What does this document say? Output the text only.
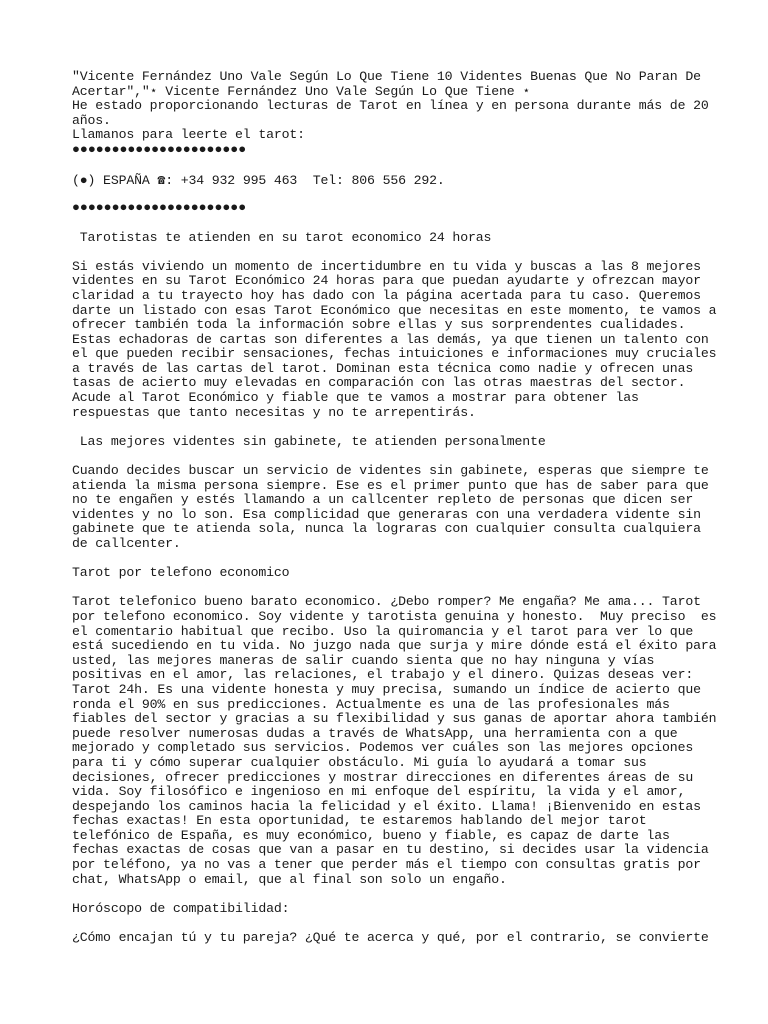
"Vicente Fernández Uno Vale Según Lo Que Tiene 10 Videntes Buenas Que No Paran De
Acertar","⋆ Vicente Fernández Uno Vale Según Lo Que Tiene ⋆
He estado proporcionando lecturas de Tarot en línea y en persona durante más de 20
años.
Llamanos para leerte el tarot:
●●●●●●●●●●●●●●●●●●●●●●
(●) ESPAÑA ☎: +34 932 995 463  Tel: 806 556 292.
●●●●●●●●●●●●●●●●●●●●●●
Tarotistas te atienden en su tarot economico 24 horas
Si estás viviendo un momento de incertidumbre en tu vida y buscas a las 8 mejores
videntes en su Tarot Económico 24 horas para que puedan ayudarte y ofrezcan mayor
claridad a tu trayecto hoy has dado con la página acertada para tu caso. Queremos
darte un listado con esas Tarot Económico que necesitas en este momento, te vamos a
ofrecer también toda la información sobre ellas y sus sorprendentes cualidades.
Estas echadoras de cartas son diferentes a las demás, ya que tienen un talento con
el que pueden recibir sensaciones, fechas intuiciones e informaciones muy cruciales
a través de las cartas del tarot. Dominan esta técnica como nadie y ofrecen unas
tasas de acierto muy elevadas en comparación con las otras maestras del sector.
Acude al Tarot Económico y fiable que te vamos a mostrar para obtener las
respuestas que tanto necesitas y no te arrepentirás.
Las mejores videntes sin gabinete, te atienden personalmente
Cuando decides buscar un servicio de videntes sin gabinete, esperas que siempre te
atienda la misma persona siempre. Ese es el primer punto que has de saber para que
no te engañen y estés llamando a un callcenter repleto de personas que dicen ser
videntes y no lo son. Esa complicidad que generaras con una verdadera vidente sin
gabinete que te atienda sola, nunca la lograras con cualquier consulta cualquiera
de callcenter.
Tarot por telefono economico
Tarot telefonico bueno barato economico. ¿Debo romper? Me engaña? Me ama... Tarot
por telefono economico. Soy vidente y tarotista genuina y honesto.  Muy preciso  es
el comentario habitual que recibo. Uso la quiromancia y el tarot para ver lo que
está sucediendo en tu vida. No juzgo nada que surja y mire dónde está el éxito para
usted, las mejores maneras de salir cuando sienta que no hay ninguna y vías
positivas en el amor, las relaciones, el trabajo y el dinero. Quizas deseas ver:
Tarot 24h. Es una vidente honesta y muy precisa, sumando un índice de acierto que
ronda el 90% en sus predicciones. Actualmente es una de las profesionales más
fiables del sector y gracias a su flexibilidad y sus ganas de aportar ahora también
puede resolver numerosas dudas a través de WhatsApp, una herramienta con a que
mejorado y completado sus servicios. Podemos ver cuáles son las mejores opciones
para ti y cómo superar cualquier obstáculo. Mi guía lo ayudará a tomar sus
decisiones, ofrecer predicciones y mostrar direcciones en diferentes áreas de su
vida. Soy filosófico e ingenioso en mi enfoque del espíritu, la vida y el amor,
despejando los caminos hacia la felicidad y el éxito. Llama! ¡Bienvenido en estas
fechas exactas! En esta oportunidad, te estaremos hablando del mejor tarot
telefónico de España, es muy económico, bueno y fiable, es capaz de darte las
fechas exactas de cosas que van a pasar en tu destino, si decides usar la videncia
por teléfono, ya no vas a tener que perder más el tiempo con consultas gratis por
chat, WhatsApp o email, que al final son solo un engaño.
Horóscopo de compatibilidad:
¿Cómo encajan tú y tu pareja? ¿Qué te acerca y qué, por el contrario, se convierte
